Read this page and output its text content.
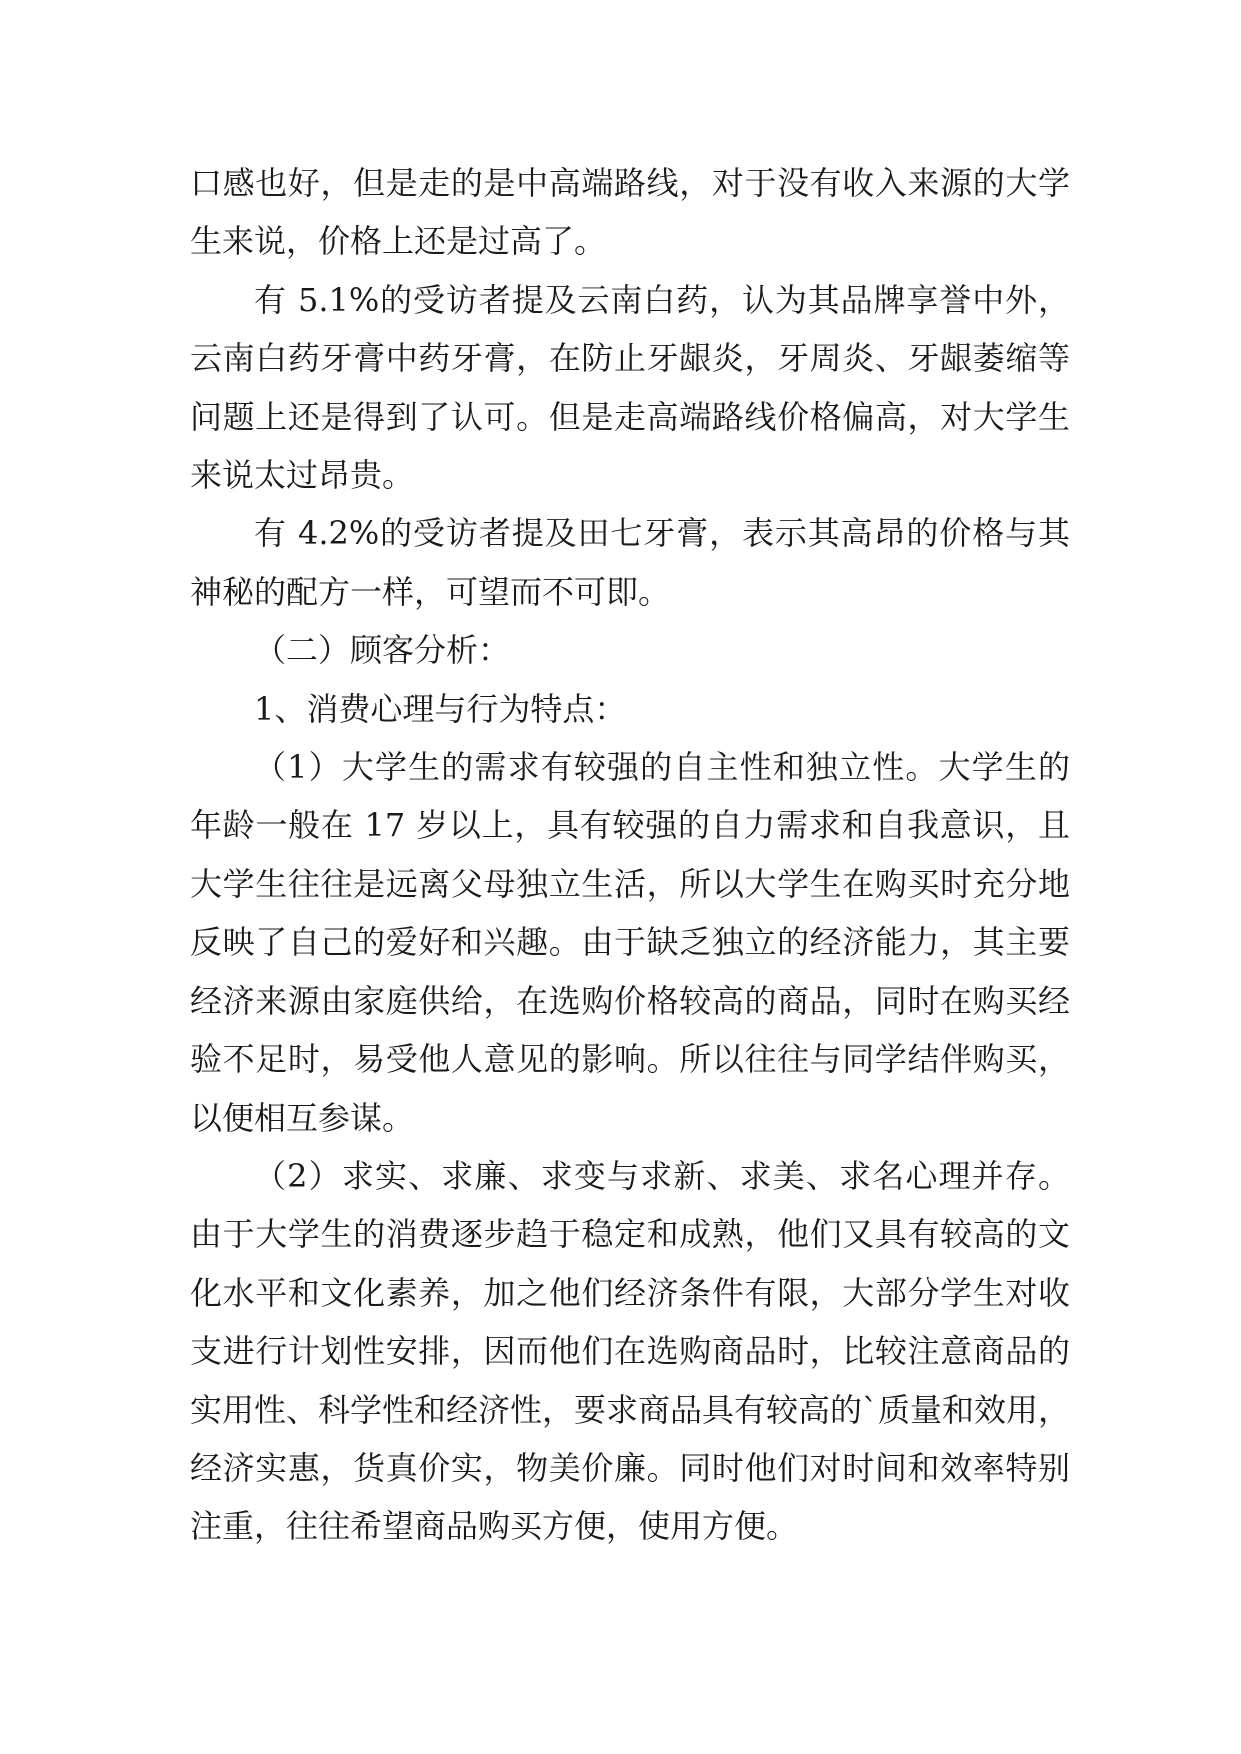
口感也好，但是走的是中高端路线，对于没有收入来源的大学生来说，价格上还是过高了。

有 5.1%的受访者提及云南白药，认为其品牌享誉中外，云南白药牙膏中药牙膏，在防止牙龈炎，牙周炎、牙龈萎缩等问题上还是得到了认可。但是走高端路线价格偏高，对大学生来说太过昂贵。

有 4.2%的受访者提及田七牙膏，表示其高昂的价格与其神秘的配方一样，可望而不可即。

（二）顾客分析：

1、消费心理与行为特点：

（1）大学生的需求有较强的自主性和独立性。大学生的年龄一般在 17 岁以上，具有较强的自力需求和自我意识，且大学生往往是远离父母独立生活，所以大学生在购买时充分地反映了自己的爱好和兴趣。由于缺乏独立的经济能力，其主要经济来源由家庭供给，在选购价格较高的商品，同时在购买经验不足时，易受他人意见的影响。所以往往与同学结伴购买，以便相互参谋。

（2）求实、求廉、求变与求新、求美、求名心理并存。由于大学生的消费逐步趋于稳定和成熟，他们又具有较高的文化水平和文化素养，加之他们经济条件有限，大部分学生对收支进行计划性安排，因而他们在选购商品时，比较注意商品的实用性、科学性和经济性，要求商品具有较高的`质量和效用，经济实惠，货真价实，物美价廉。同时他们对时间和效率特别注重，往往希望商品购买方便，使用方便。
